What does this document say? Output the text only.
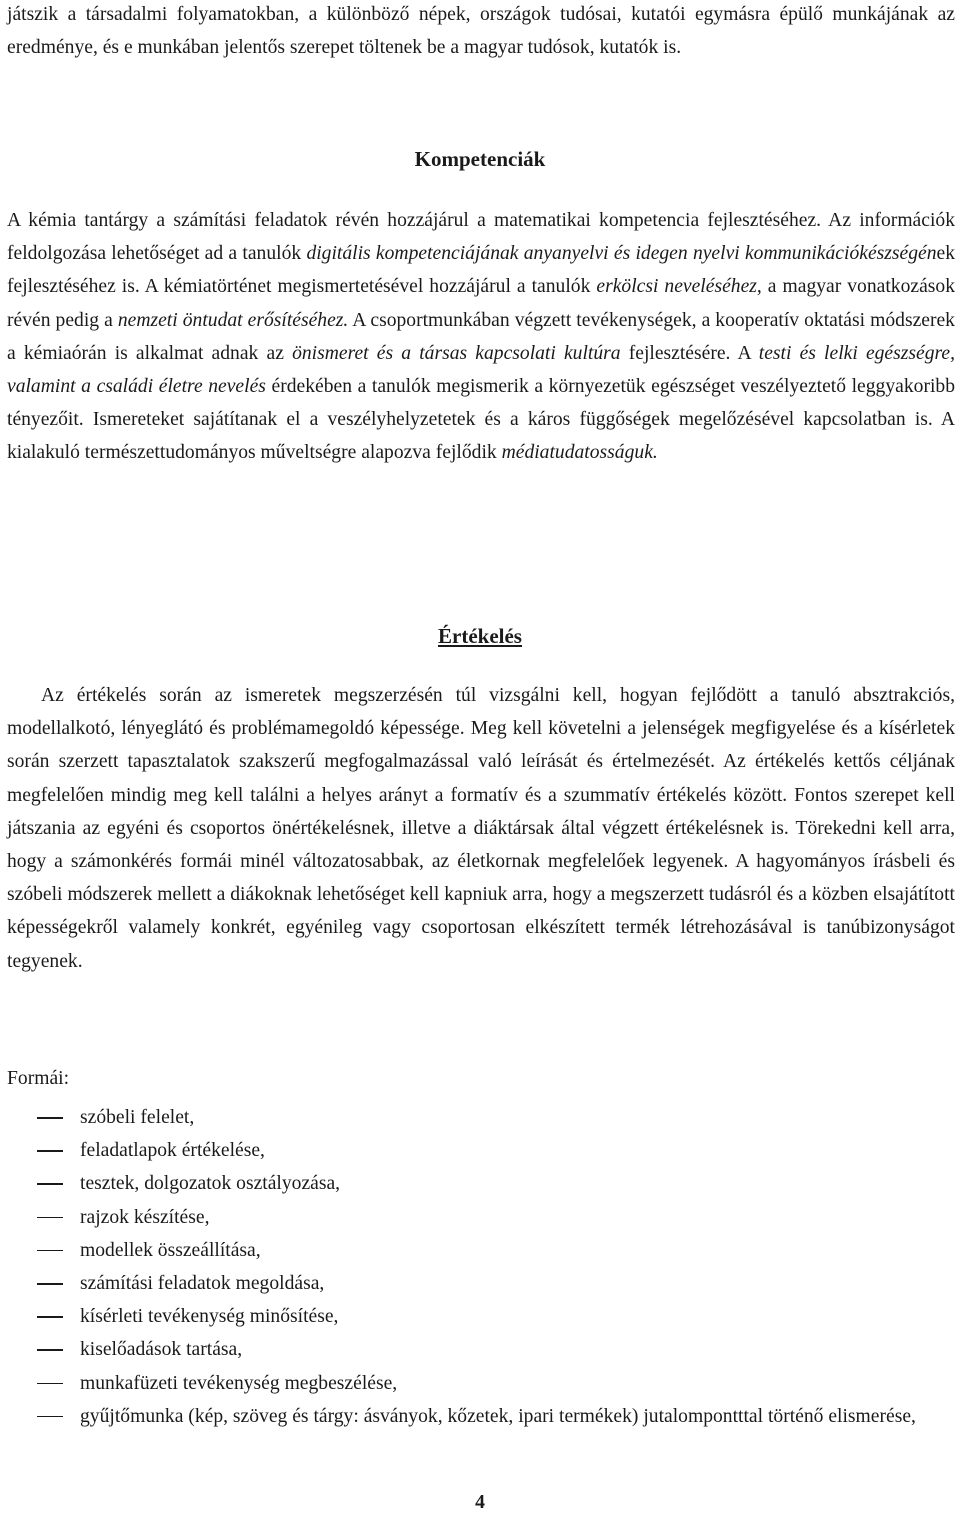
játszik a társadalmi folyamatokban, a különböző népek, országok tudósai, kutatói egymásra épülő munkájának az eredménye, és e munkában jelentős szerepet töltenek be a magyar tudósok, kutatók is.

Kompetenciák

A kémia tantárgy a számítási feladatok révén hozzájárul a matematikai kompetencia fejlesztéséhez. Az információk feldolgozása lehetőséget ad a tanulók digitális kompetenciájának anyanyelvi és idegen nyelvi kommunikációkészségének fejlesztéséhez is. A kémiatörténet megismertetésével hozzájárul a tanulók erkölcsi neveléséhez, a magyar vonatkozások révén pedig a nemzeti öntudat erősítéséhez. A csoportmunkában végzett tevékenységek, a kooperatív oktatási módszerek a kémiaórán is alkalmat adnak az önismeret és a társas kapcsolati kultúra fejlesztésére. A testi és lelki egészségre, valamint a családi életre nevelés érdekében a tanulók megismerik a környezetük egészséget veszélyeztető leggyakoribb tényezőit. Ismereteket sajátítanak el a veszélyhelyzetetek és a káros függőségek megelőzésével kapcsolatban is. A kialakuló természettudományos műveltségre alapozva fejlődik médiatudatosságuk.

Értékelés

Az értékelés során az ismeretek megszerzésén túl vizsgálni kell, hogyan fejlődött a tanuló absztrakciós, modellalkotó, lényeglátó és problémamegoldó képessége. Meg kell követelni a jelenségek megfigyelése és a kísérletek során szerzett tapasztalatok szakszerű megfogalmazással való leírását és értelmezését. Az értékelés kettős céljának megfelelően mindig meg kell találni a helyes arányt a formatív és a szummatív értékelés között. Fontos szerepet kell játszania az egyéni és csoportos önértékelésnek, illetve a diáktársak által végzett értékelésnek is. Törekedni kell arra, hogy a számonkérés formái minél változatosabbak, az életkornak megfelelőek legyenek. A hagyományos írásbeli és szóbeli módszerek mellett a diákoknak lehetőséget kell kapniuk arra, hogy a megszerzett tudásról és a közben elsajátított képességekről valamely konkrét, egyénileg vagy csoportosan elkészített termék létrehozásával is tanúbizonyságot tegyenek.

Formái:

szóbeli felelet,
feladatlapok értékelése,
tesztek, dolgozatok osztályozása,
rajzok készítése,
modellek összeállítása,
számítási feladatok megoldása,
kísérleti tevékenység minősítése,
kiselőadások tartása,
munkafüzeti tevékenység megbeszélése,
gyűjtőmunka (kép, szöveg és tárgy: ásványok, kőzetek, ipari termékek) jutalompontttal történő elismerése,
4
